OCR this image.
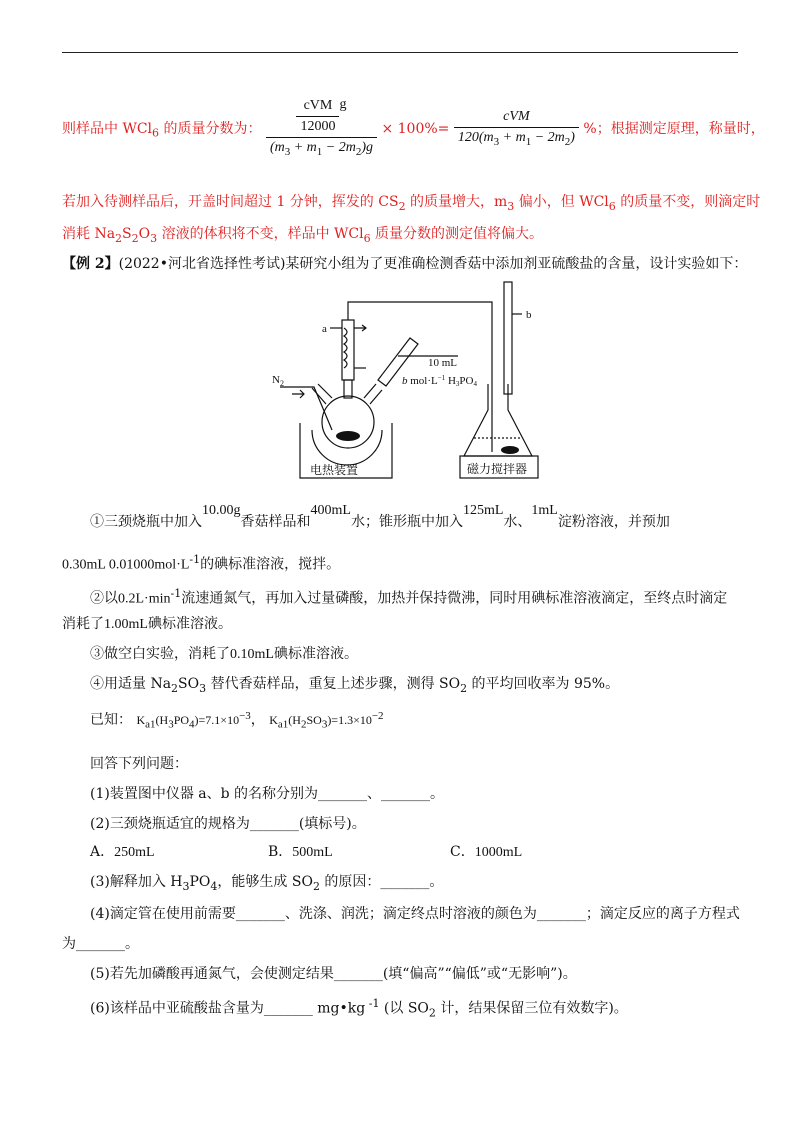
则样品中 WCl$_6$ 的质量分数为： $\frac{\frac{\text{cVM}}{12000} g}{(m_3 + m_1 - 2m_2)g} \times 100\%= \frac{\text{cVM}}{120(m_3 + m_1 - 2m_2)}$ %；根据测定原理，称量时，
若加入待测样品后，开盖时间超过 1 分钟，挥发的 $CS_2$ 的质量增大，$m_3$ 偏小，但 WCl$_6$ 的质量不变，则滴定时
消耗 $Na_2S_2O_3$ 溶液的体积将不变，样品中 WCl$_6$ 质量分数的测定值将偏大。
【例 2】(2022•河北省选择性考试)某研究小组为了更准确检测香菇中添加剂亚硫酸盐的含量，设计实验如下：
a
b
$N_2$
10 mL
b $mol\cdot L^{-1}$ H3PO4
电热装置	磁力搅拌器
①三颈烧瓶中加入10.00g香菇样品和400mL水；锥形瓶中加入125mL水、1mL淀粉溶液，并预加
0.30mL $0.01000mol\cdot L^{-1}$的碘标准溶液，搅拌。
②以$0.2L\cdot\min^{-1}$流速通氮气，再加入过量磷酸，加热并保持微沸，同时用碘标准溶液滴定，至终点时滴定
消耗了1.00mL碘标准溶液。
③做空白实验，消耗了0.10mL碘标准溶液。
④用适量 $Na_2SO_3$ 替代香菇样品，重复上述步骤，测得 $SO_2$ 的平均回收率为 95%。
已知： $K_{a1}(H_3PO_4)=7.1\times 10^{-3}$， $K_{a1}(H_2SO_3)=1.3\times 10^{-2}$
回答下列问题：
(1)装置图中仪器 a、b 的名称分别为_______、_______。
(2)三颈烧瓶适宜的规格为_______(填标号)。
A．250mL	B．500mL	C．1000mL
(3)解释加入 $H_3PO_4$，能够生成 $SO_2$ 的原因：_______。
(4)滴定管在使用前需要_______、洗涤、润洗；滴定终点时溶液的颜色为_______；滴定反应的离子方程式
为_______。
(5)若先加磷酸再通氮气，会使测定结果_______(填“偏高”“偏低”或“无影响”)。
(6)该样品中亚硫酸盐含量为_______ mg•kg $^{-1}$ (以 $SO_2$ 计，结果保留三位有效数字)。
